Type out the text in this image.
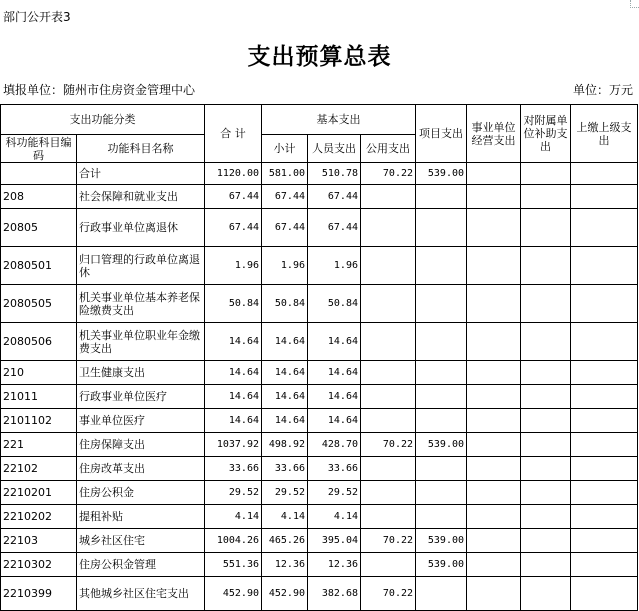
部门公开表3
支出预算总表
填报单位：随州市住房资金管理中心	单位：万元
支出功能分类		合 计	基本支出			项目支出	事业单位经营支出	对附属单位补助支出	上缴上级支出
科功能科目编码	功能科目名称		小计	人员支出	公用支出				
	合计	1120.00	581.00	510.78	70.22	539.00			
208	社会保障和就业支出	67.44	67.44	67.44					
20805	行政事业单位离退休	67.44	67.44	67.44					
2080501	归口管理的行政单位离退休	1.96	1.96	1.96					
2080505	机关事业单位基本养老保险缴费支出	50.84	50.84	50.84					
2080506	机关事业单位职业年金缴费支出	14.64	14.64	14.64					
210	卫生健康支出	14.64	14.64	14.64					
21011	行政事业单位医疗	14.64	14.64	14.64					
2101102	事业单位医疗	14.64	14.64	14.64					
221	住房保障支出	1037.92	498.92	428.70	70.22	539.00			
22102	住房改革支出	33.66	33.66	33.66					
2210201	住房公积金	29.52	29.52	29.52					
2210202	提租补贴	4.14	4.14	4.14					
22103	城乡社区住宅	1004.26	465.26	395.04	70.22	539.00			
2210302	住房公积金管理	551.36	12.36	12.36		539.00			
2210399	其他城乡社区住宅支出	452.90	452.90	382.68	70.22				
